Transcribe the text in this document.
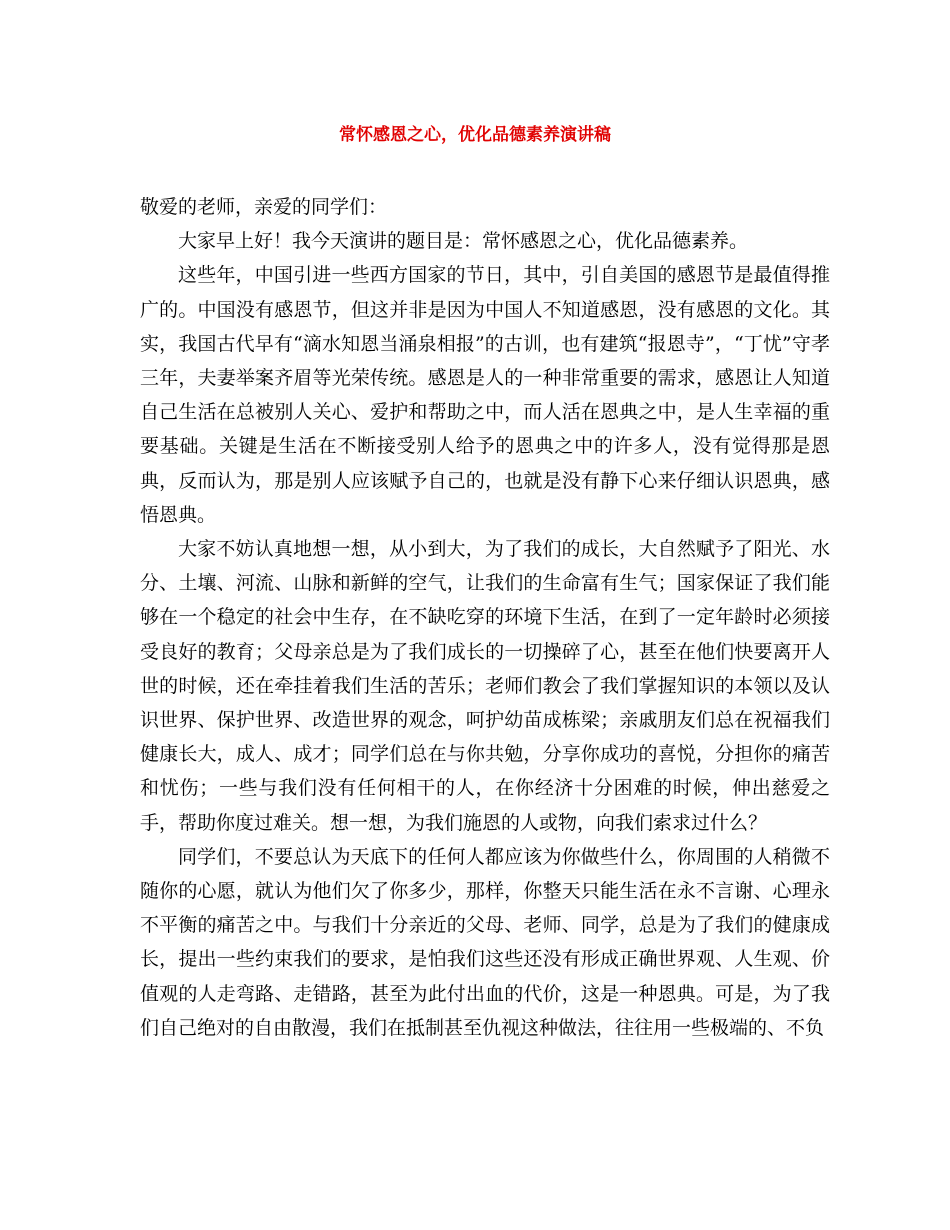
常怀感恩之心，优化品德素养演讲稿

敬爱的老师，亲爱的同学们：

大家早上好！我今天演讲的题目是：常怀感恩之心，优化品德素养。

这些年，中国引进一些西方国家的节日，其中，引自美国的感恩节是最值得推广的。中国没有感恩节，但这并非是因为中国人不知道感恩，没有感恩的文化。其实，我国古代早有“滴水知恩当涌泉相报”的古训，也有建筑“报恩寺”，“丁忧”守孝三年，夫妻举案齐眉等光荣传统。感恩是人的一种非常重要的需求，感恩让人知道自己生活在总被别人关心、爱护和帮助之中，而人活在恩典之中，是人生幸福的重要基础。关键是生活在不断接受别人给予的恩典之中的许多人，没有觉得那是恩典，反而认为，那是别人应该赋予自己的，也就是没有静下心来仔细认识恩典，感悟恩典。

大家不妨认真地想一想，从小到大，为了我们的成长，大自然赋予了阳光、水分、土壤、河流、山脉和新鲜的空气，让我们的生命富有生气；国家保证了我们能够在一个稳定的社会中生存，在不缺吃穿的环境下生活，在到了一定年龄时必须接受良好的教育；父母亲总是为了我们成长的一切操碎了心，甚至在他们快要离开人世的时候，还在牵挂着我们生活的苦乐；老师们教会了我们掌握知识的本领以及认识世界、保护世界、改造世界的观念，呵护幼苗成栋梁；亲戚朋友们总在祝福我们健康长大，成人、成才；同学们总在与你共勉，分享你成功的喜悦，分担你的痛苦和忧伤；一些与我们没有任何相干的人，在你经济十分困难的时候，伸出慈爱之手，帮助你度过难关。想一想，为我们施恩的人或物，向我们索求过什么？

同学们，不要总认为天底下的任何人都应该为你做些什么，你周围的人稍微不随你的心愿，就认为他们欠了你多少，那样，你整天只能生活在永不言谢、心理永不平衡的痛苦之中。与我们十分亲近的父母、老师、同学，总是为了我们的健康成长，提出一些约束我们的要求，是怕我们这些还没有形成正确世界观、人生观、价值观的人走弯路、走错路，甚至为此付出血的代价，这是一种恩典。可是，为了我们自己绝对的自由散漫，我们在抵制甚至仇视这种做法，往往用一些极端的、不负
